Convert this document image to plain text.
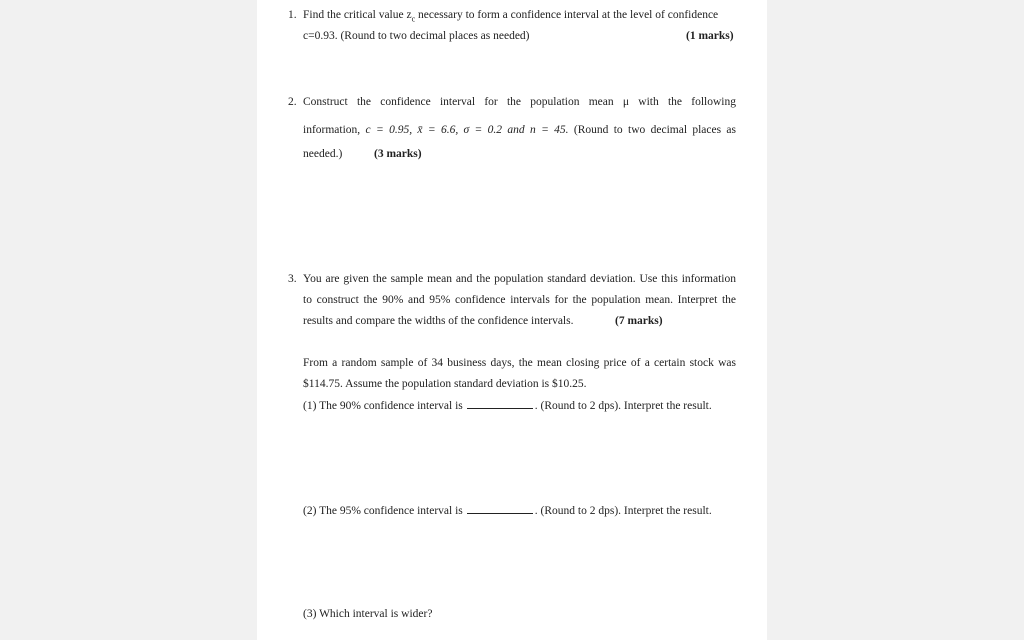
1. Find the critical value $z_c$ necessary to form a confidence interval at the level of confidence
c=0.93. (Round to two decimal places as needed)	(1 marks)
2. Construct the confidence interval for the population mean μ with the following
information, c = 0.95, x̄ = 6.6, σ = 0.2 and n = 45. (Round to two decimal places as
needed.)	(3 marks)
3. You are given the sample mean and the population standard deviation. Use this information
to construct the 90% and 95% confidence intervals for the population mean. Interpret the
results and compare the widths of the confidence intervals.	(7 marks)
From a random sample of 34 business days, the mean closing price of a certain stock was
$114.75. Assume the population standard deviation is $10.25.
(1) The 90% confidence interval is	. (Round to 2 dps). Interpret the result.
(2) The 95% confidence interval is	. (Round to 2 dps). Interpret the result.
(3) Which interval is wider?
